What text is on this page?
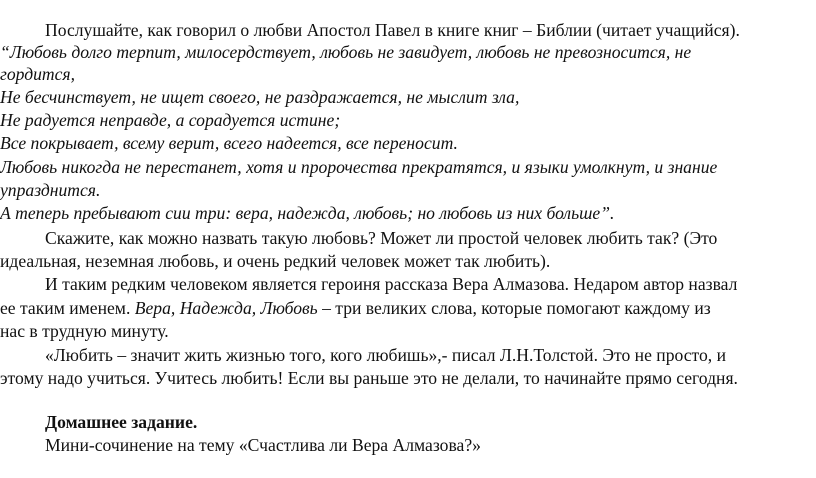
Послушайте, как говорил о любви Апостол Павел в книге книг – Библии (читает учащийся).
“Любовь долго терпит, милосердствует, любовь не завидует, любовь не превозносится, не
гордится,
Не бесчинствует, не ищет своего, не раздражается, не мыслит зла,
Не радуется неправде, а сорадуется истине;
Все покрывает, всему верит, всего надеется, все переносит.
Любовь никогда не перестанет, хотя и пророчества прекратятся, и языки умолкнут, и знание
упразднится.
А теперь пребывают сии три: вера, надежда, любовь; но любовь из них больше”.
Скажите, как можно назвать такую любовь? Может ли простой человек любить так? (Это
идеальная, неземная любовь, и очень редкий человек может так любить).
И таким редким человеком является героиня рассказа Вера Алмазова. Недаром автор назвал
ее таким именем. Вера, Надежда, Любовь – три великих слова, которые помогают каждому из
нас в трудную минуту.
«Любить – значит жить жизнью того, кого любишь»,- писал Л.Н.Толстой. Это не просто, и
этому надо учиться. Учитесь любить! Если вы раньше это не делали, то начинайте прямо сегодня.
Домашнее задание.
Мини-сочинение на тему «Счастлива ли Вера Алмазова?»
